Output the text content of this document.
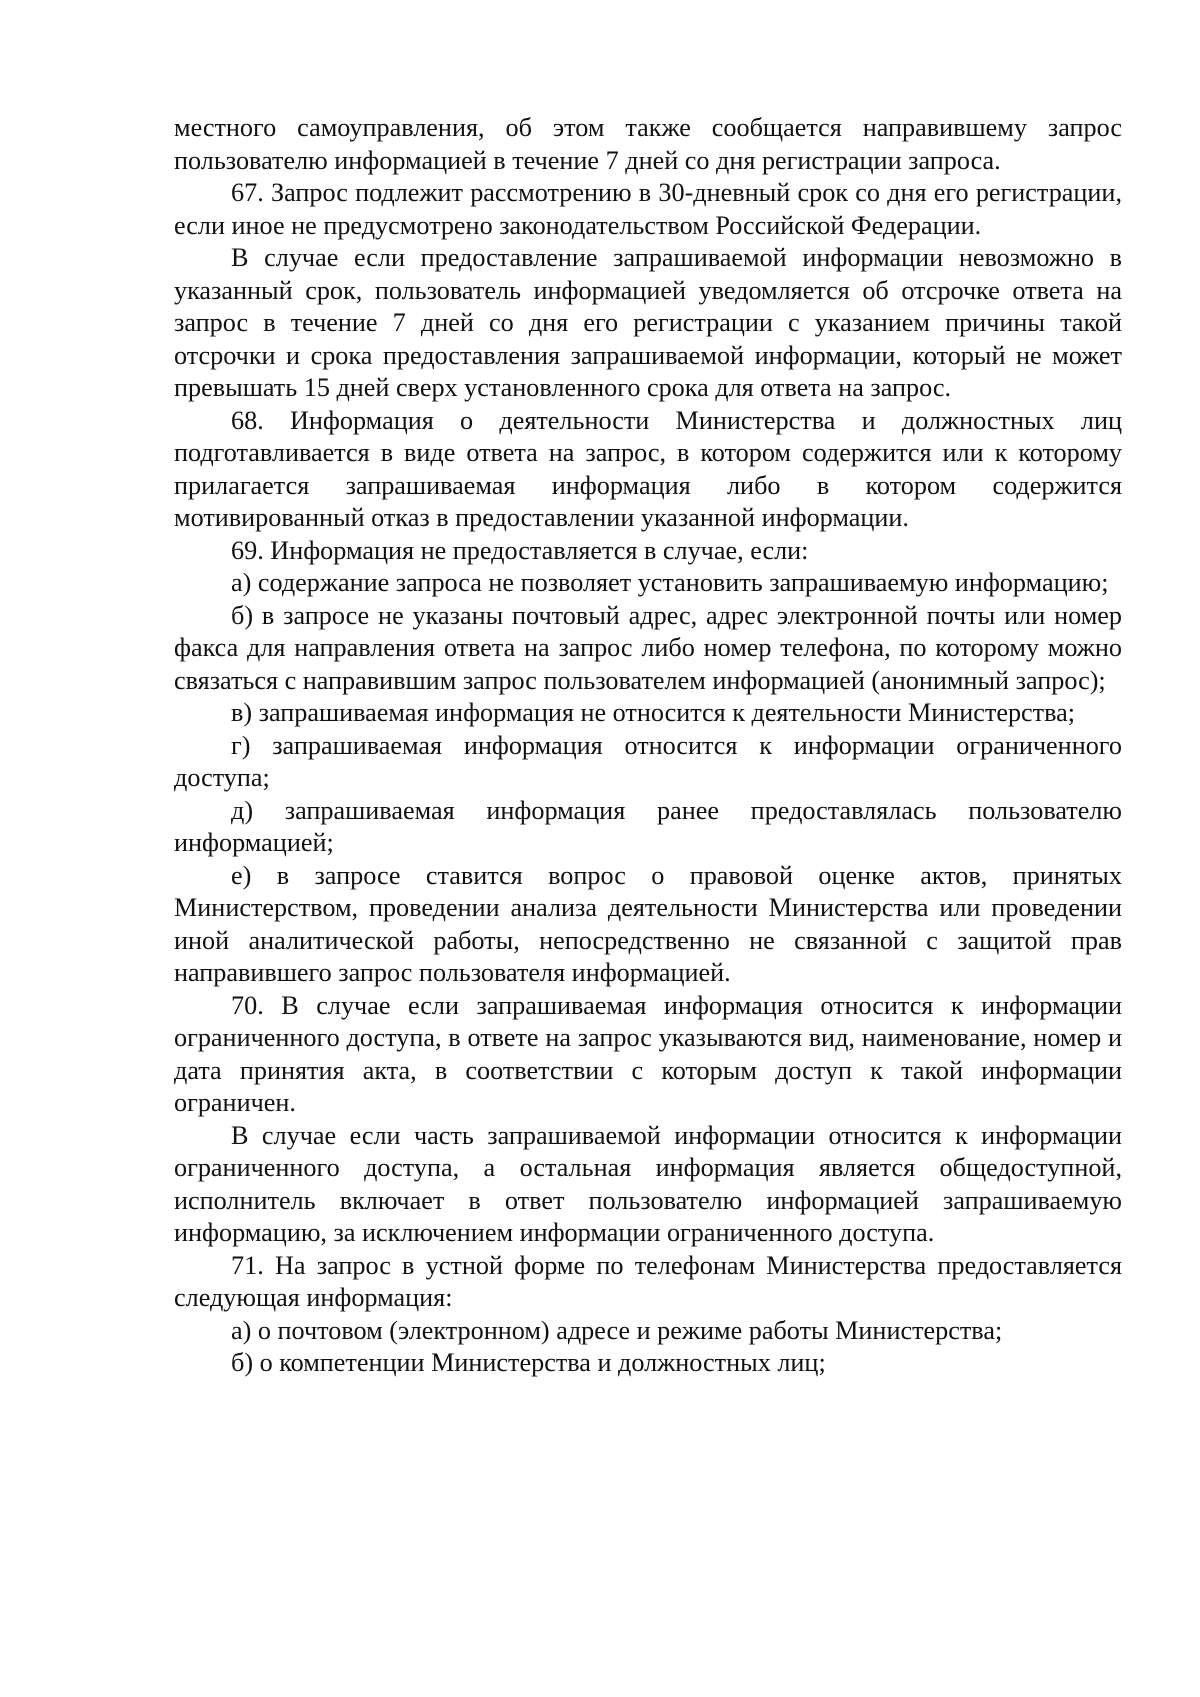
местного самоуправления, об этом также сообщается направившему запрос пользователю информацией в течение 7 дней со дня регистрации запроса.

67. Запрос подлежит рассмотрению в 30-дневный срок со дня его регистрации, если иное не предусмотрено законодательством Российской Федерации.

В случае если предоставление запрашиваемой информации невозможно в указанный срок, пользователь информацией уведомляется об отсрочке ответа на запрос в течение 7 дней со дня его регистрации с указанием причины такой отсрочки и срока предоставления запрашиваемой информации, который не может превышать 15 дней сверх установленного срока для ответа на запрос.

68. Информация о деятельности Министерства и должностных лиц подготавливается в виде ответа на запрос, в котором содержится или к которому прилагается запрашиваемая информация либо в котором содержится мотивированный отказ в предоставлении указанной информации.

69. Информация не предоставляется в случае, если:

а) содержание запроса не позволяет установить запрашиваемую информацию;

б) в запросе не указаны почтовый адрес, адрес электронной почты или номер факса для направления ответа на запрос либо номер телефона, по которому можно связаться с направившим запрос пользователем информацией (анонимный запрос);

в) запрашиваемая информация не относится к деятельности Министерства;

г) запрашиваемая информация относится к информации ограниченного доступа;

д) запрашиваемая информация ранее предоставлялась пользователю информацией;

е) в запросе ставится вопрос о правовой оценке актов, принятых Министерством, проведении анализа деятельности Министерства или проведении иной аналитической работы, непосредственно не связанной с защитой прав направившего запрос пользователя информацией.

70. В случае если запрашиваемая информация относится к информации ограниченного доступа, в ответе на запрос указываются вид, наименование, номер и дата принятия акта, в соответствии с которым доступ к такой информации ограничен.

В случае если часть запрашиваемой информации относится к информации ограниченного доступа, а остальная информация является общедоступной, исполнитель включает в ответ пользователю информацией запрашиваемую информацию, за исключением информации ограниченного доступа.

71. На запрос в устной форме по телефонам Министерства предоставляется следующая информация:

а) о почтовом (электронном) адресе и режиме работы Министерства;

б) о компетенции Министерства и должностных лиц;
